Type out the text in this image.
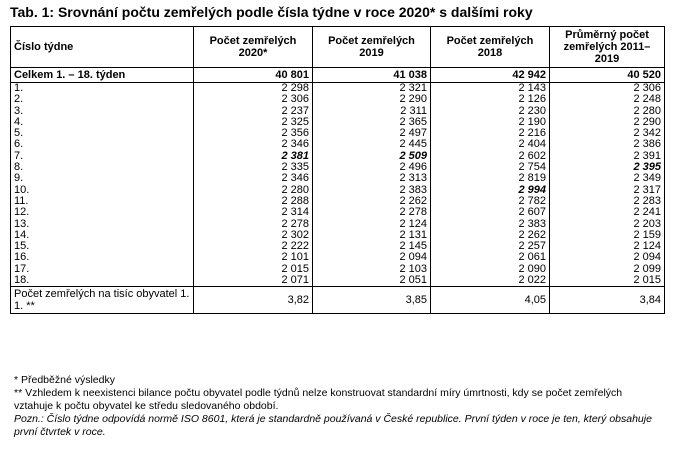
Tab. 1: Srovnání počtu zemřelých podle čísla týdne v roce 2020* s dalšími roky
Číslo týdne	Počet zemřelých 2020*	Počet zemřelých 2019	Počet zemřelých 2018	Průměrný počet zemřelých 2011–2019
Celkem 1. – 18. týden	40 801	41 038	42 942	40 520
1.	2 298	2 321	2 143	2 306
2.	2 306	2 290	2 126	2 248
3.	2 237	2 311	2 230	2 280
4.	2 325	2 365	2 190	2 290
5.	2 356	2 497	2 216	2 342
6.	2 346	2 445	2 404	2 386
7.	2 381	2 509	2 602	2 391
8.	2 335	2 496	2 754	2 395
9.	2 346	2 313	2 819	2 349
10.	2 280	2 383	2 994	2 317
11.	2 288	2 262	2 782	2 283
12.	2 314	2 278	2 607	2 241
13.	2 278	2 124	2 383	2 203
14.	2 302	2 131	2 262	2 159
15.	2 222	2 145	2 257	2 124
16.	2 101	2 094	2 061	2 094
17.	2 015	2 103	2 090	2 099
18.	2 071	2 051	2 022	2 015
Počet zemřelých na tisíc obyvatel 1. 1. **	3,82	3,85	4,05	3,84

* Předběžné výsledky

** Vzhledem k neexistenci bilance počtu obyvatel podle týdnů nelze konstruovat standardní míry úmrtnosti, kdy se počet zemřelých vztahuje k počtu obyvatel ke středu sledovaného období.

Pozn.: Číslo týdne odpovídá normě ISO 8601, která je standardně používaná v České republice. První týden v roce je ten, který obsahuje první čtvrtek v roce.
